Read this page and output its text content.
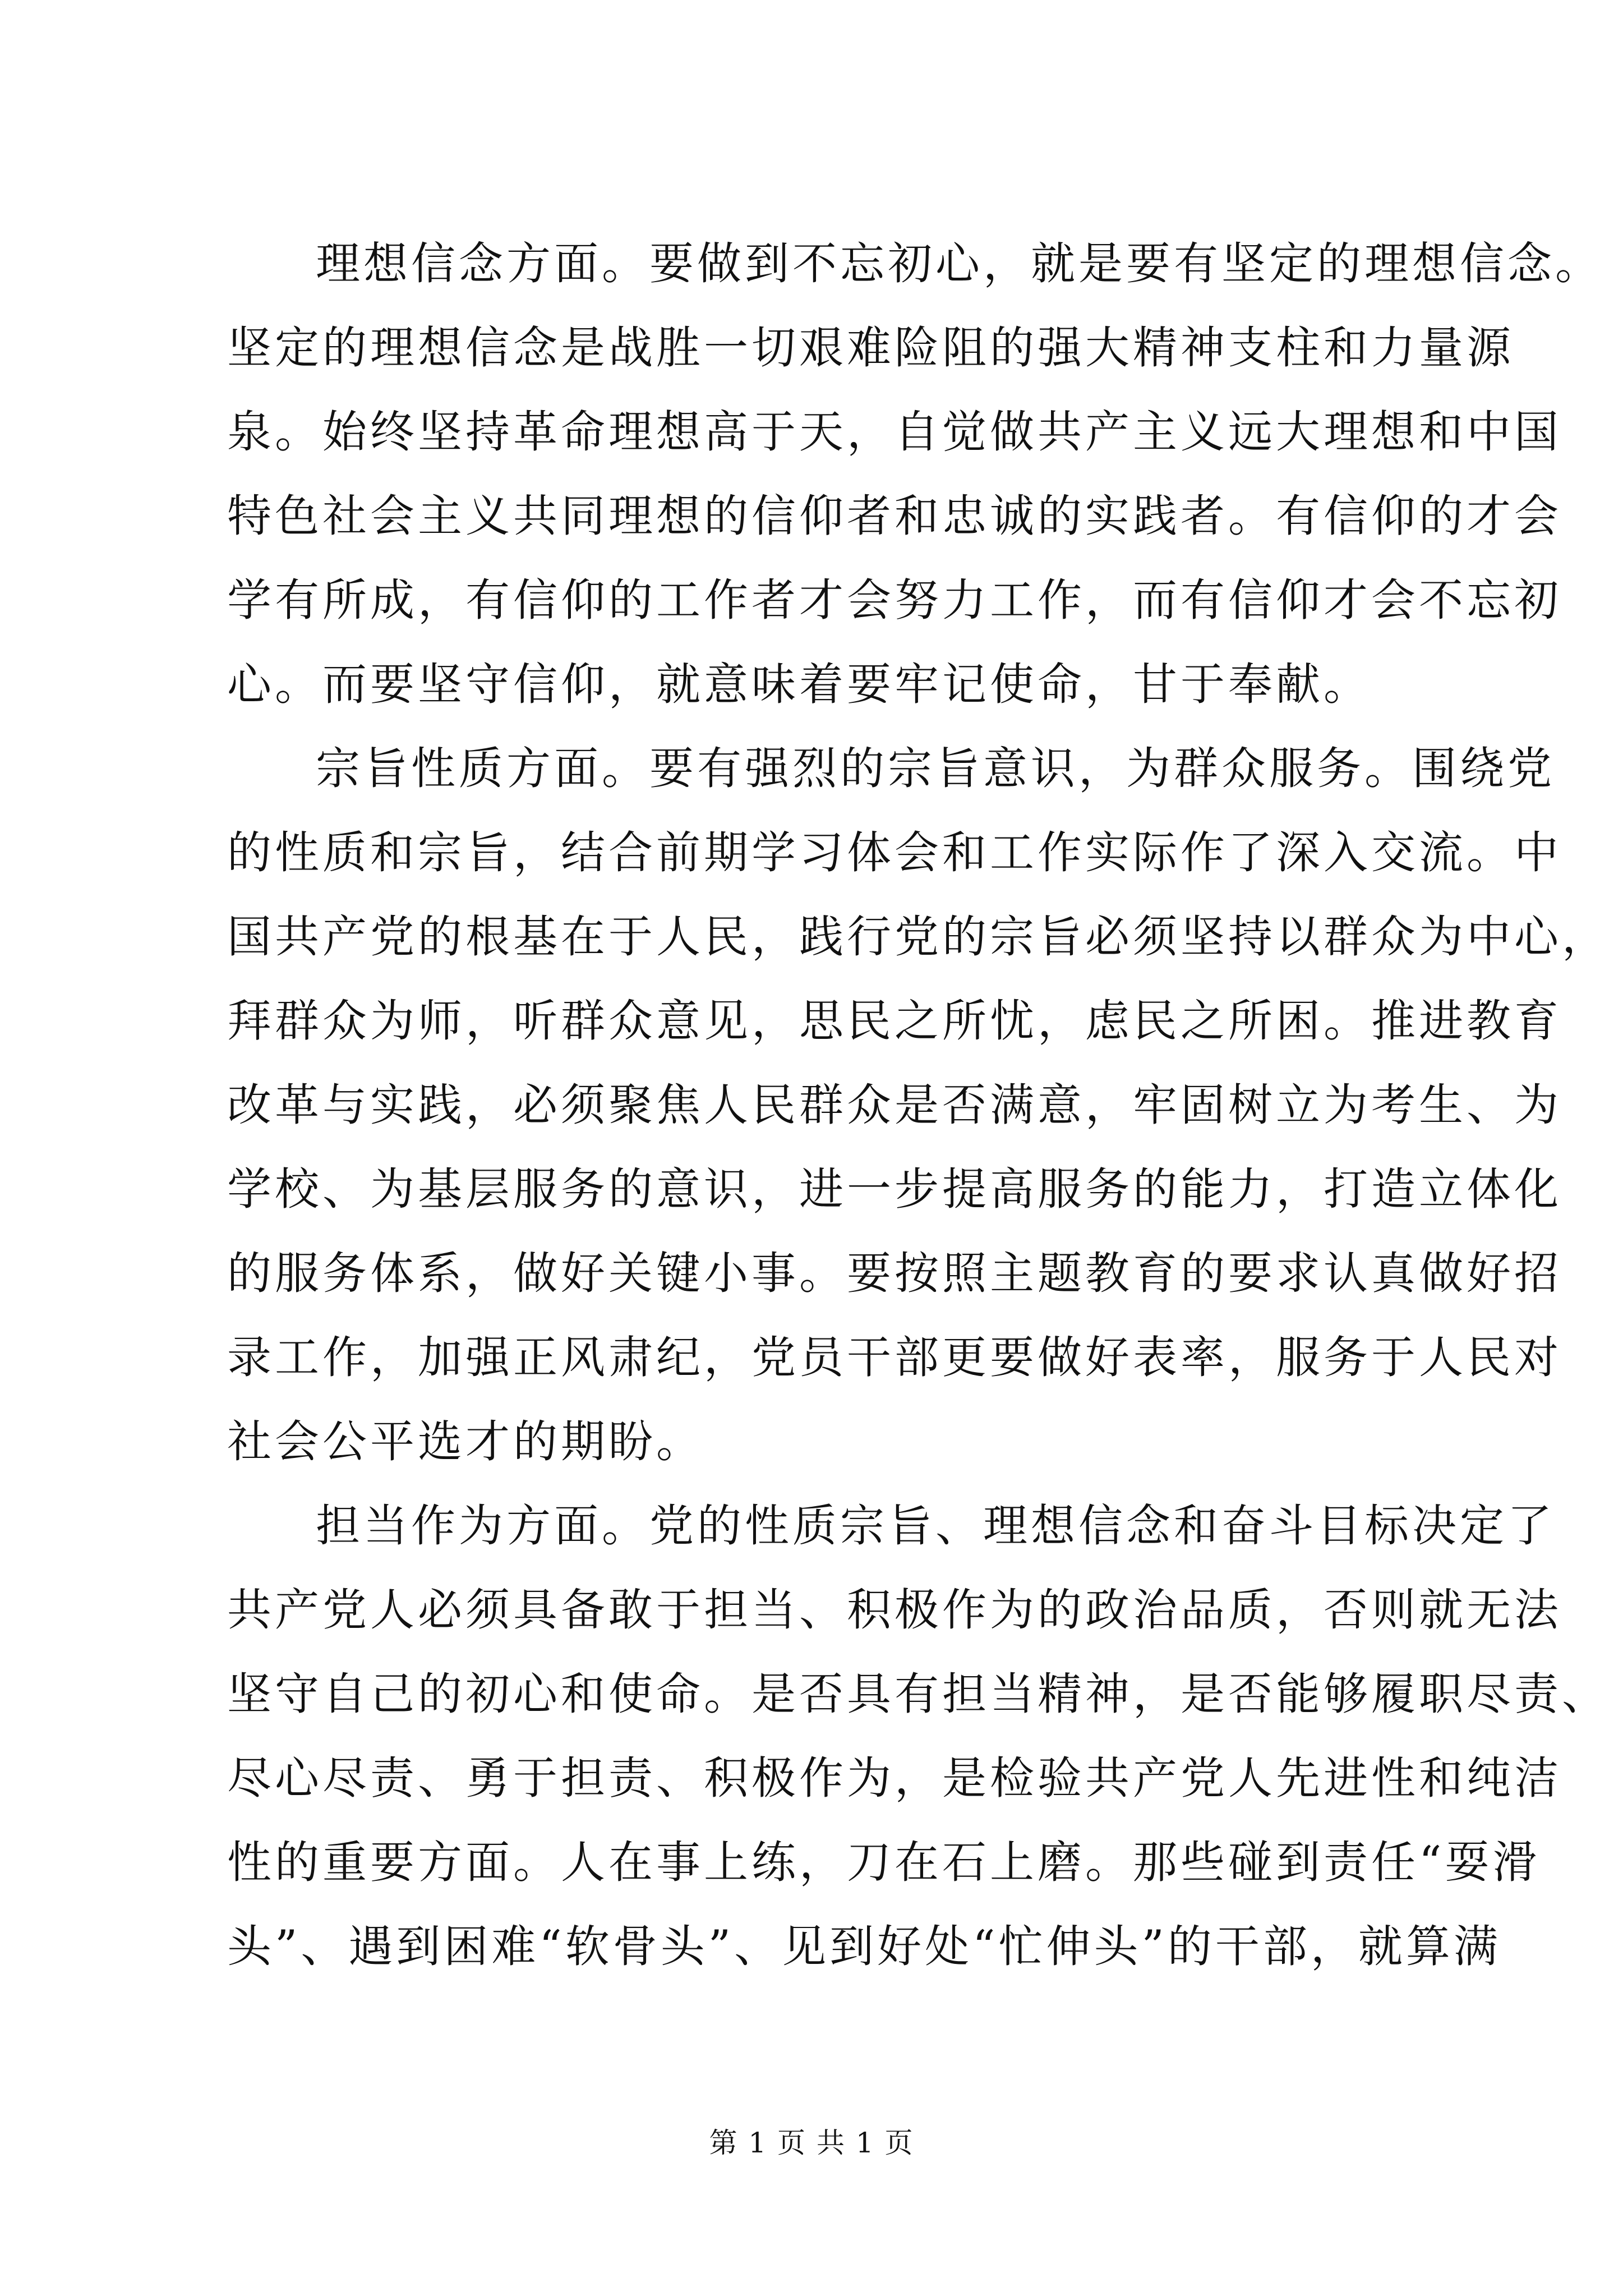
理想信念方面。要做到不忘初心，就是要有坚定的理想信念。
坚定的理想信念是战胜一切艰难险阻的强大精神支柱和力量源
泉。始终坚持革命理想高于天，自觉做共产主义远大理想和中国
特色社会主义共同理想的信仰者和忠诚的实践者。有信仰的才会
学有所成，有信仰的工作者才会努力工作，而有信仰才会不忘初
心。而要坚守信仰，就意味着要牢记使命，甘于奉献。
宗旨性质方面。要有强烈的宗旨意识，为群众服务。围绕党
的性质和宗旨，结合前期学习体会和工作实际作了深入交流。中
国共产党的根基在于人民，践行党的宗旨必须坚持以群众为中心，
拜群众为师，听群众意见，思民之所忧，虑民之所困。推进教育
改革与实践，必须聚焦人民群众是否满意，牢固树立为考生、为
学校、为基层服务的意识，进一步提高服务的能力，打造立体化
的服务体系，做好关键小事。要按照主题教育的要求认真做好招
录工作，加强正风肃纪，党员干部更要做好表率，服务于人民对
社会公平选才的期盼。
担当作为方面。党的性质宗旨、理想信念和奋斗目标决定了
共产党人必须具备敢于担当、积极作为的政治品质，否则就无法
坚守自己的初心和使命。是否具有担当精神，是否能够履职尽责、
尽心尽责、勇于担责、积极作为，是检验共产党人先进性和纯洁
性的重要方面。人在事上练，刀在石上磨。那些碰到责任“耍滑
头”、遇到困难“软骨头”、见到好处“忙伸头”的干部，就算满
第 1 页 共 1 页
